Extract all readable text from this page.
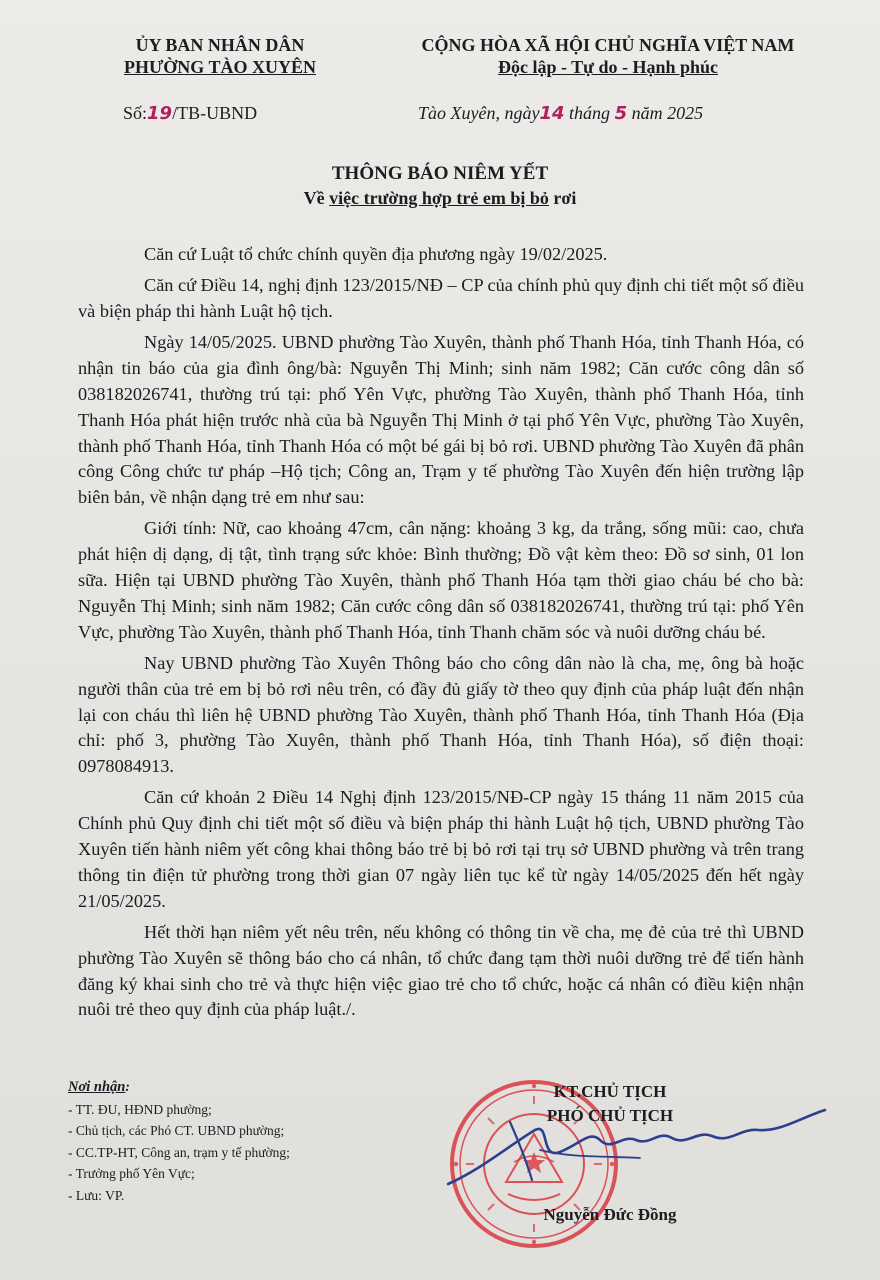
ỦY BAN NHÂN DÂN
PHƯỜNG TÀO XUYÊN
CỘNG HÒA XÃ HỘI CHỦ NGHĨA VIỆT NAM
Độc lập - Tự do - Hạnh phúc
Số:19/TB-UBND	Tào Xuyên, ngày14 tháng 5 năm 2025
THÔNG BÁO NIÊM YẾT
Về việc trường hợp trẻ em bị bỏ rơi

Căn cứ Luật tổ chức chính quyền địa phương ngày 19/02/2025.

Căn cứ Điều 14, nghị định 123/2015/NĐ – CP của chính phủ quy định chi tiết một số điều và biện pháp thi hành Luật hộ tịch.

Ngày 14/05/2025. UBND phường Tào Xuyên, thành phố Thanh Hóa, tỉnh Thanh Hóa, có nhận tin báo của gia đình ông/bà: Nguyễn Thị Minh; sinh năm 1982; Căn cước công dân số 038182026741, thường trú tại: phố Yên Vực, phường Tào Xuyên, thành phố Thanh Hóa, tỉnh Thanh Hóa phát hiện trước nhà của bà Nguyễn Thị Minh ở tại phố Yên Vực, phường Tào Xuyên, thành phố Thanh Hóa, tỉnh Thanh Hóa có một bé gái bị bỏ rơi. UBND phường Tào Xuyên đã phân công Công chức tư pháp –Hộ tịch; Công an, Trạm y tế phường Tào Xuyên đến hiện trường lập biên bản, về nhận dạng trẻ em như sau:

Giới tính: Nữ, cao khoảng 47cm, cân nặng: khoảng 3 kg, da trắng, sống mũi: cao, chưa phát hiện dị dạng, dị tật, tình trạng sức khỏe: Bình thường; Đồ vật kèm theo: Đồ sơ sinh, 01 lon sữa. Hiện tại UBND phường Tào Xuyên, thành phố Thanh Hóa tạm thời giao cháu bé cho bà: Nguyễn Thị Minh; sinh năm 1982; Căn cước công dân số 038182026741, thường trú tại: phố Yên Vực, phường Tào Xuyên, thành phố Thanh Hóa, tỉnh Thanh chăm sóc và nuôi dưỡng cháu bé.

Nay UBND phường Tào Xuyên Thông báo cho công dân nào là cha, mẹ, ông bà hoặc người thân của trẻ em bị bỏ rơi nêu trên, có đầy đủ giấy tờ theo quy định của pháp luật đến nhận lại con cháu thì liên hệ UBND phường Tào Xuyên, thành phố Thanh Hóa, tỉnh Thanh Hóa (Địa chỉ: phố 3, phường Tào Xuyên, thành phố Thanh Hóa, tỉnh Thanh Hóa), số điện thoại: 0978084913.

Căn cứ khoản 2 Điều 14 Nghị định 123/2015/NĐ-CP ngày 15 tháng 11 năm 2015 của Chính phủ Quy định chi tiết một số điều và biện pháp thi hành Luật hộ tịch, UBND phường Tào Xuyên tiến hành niêm yết công khai thông báo trẻ bị bỏ rơi tại trụ sở UBND phường và trên trang thông tin điện tử phường trong thời gian 07 ngày liên tục kể từ ngày 14/05/2025 đến hết ngày 21/05/2025.

Hết thời hạn niêm yết nêu trên, nếu không có thông tin về cha, mẹ đẻ của trẻ thì UBND phường Tào Xuyên sẽ thông báo cho cá nhân, tổ chức đang tạm thời nuôi dưỡng trẻ để tiến hành đăng ký khai sinh cho trẻ và thực hiện việc giao trẻ cho tổ chức, hoặc cá nhân có điều kiện nhận nuôi trẻ theo quy định của pháp luật./.

Nơi nhận:
- TT. ĐU, HĐND phường;
- Chủ tịch, các Phó CT. UBND phường;
- CC.TP-HT, Công an, trạm y tế phường;
- Trưởng phố Yên Vực;
- Lưu: VP.
KT.CHỦ TỊCH
PHÓ CHỦ TỊCH
Nguyễn Đức Đồng
